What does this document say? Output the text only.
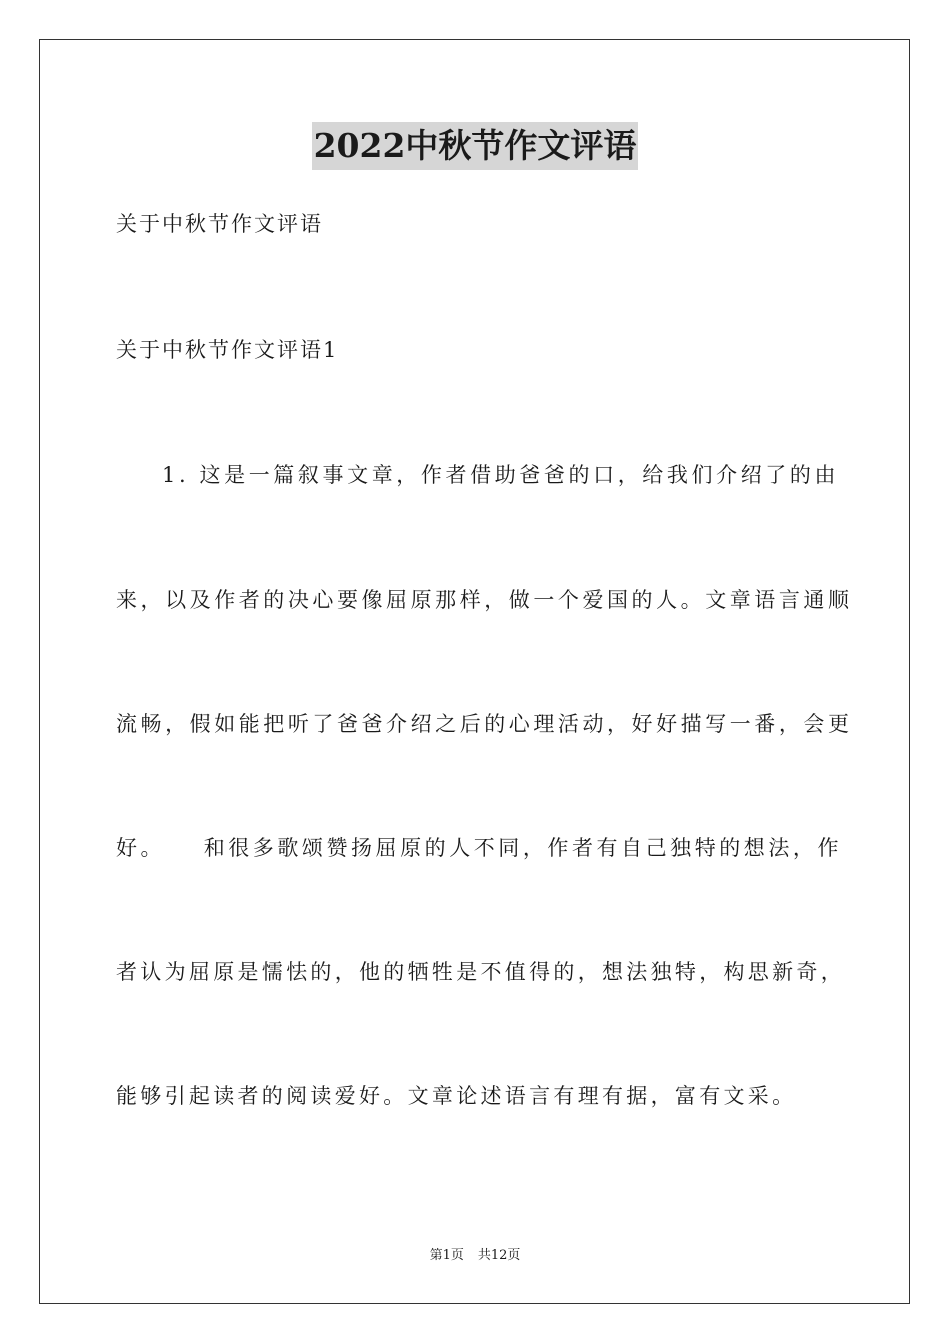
2022中秋节作文评语
关于中秋节作文评语
关于中秋节作文评语1
1. 这是一篇叙事文章，作者借助爸爸的口，给我们介绍了的由
来，以及作者的决心要像屈原那样，做一个爱国的人。文章语言通顺
流畅，假如能把听了爸爸介绍之后的心理活动，好好描写一番，会更
好。　　和很多歌颂赞扬屈原的人不同，作者有自己独特的想法，作
者认为屈原是懦怯的，他的牺牲是不值得的，想法独特，构思新奇，
能够引起读者的阅读爱好。文章论述语言有理有据，富有文采。
第1页 共12页
